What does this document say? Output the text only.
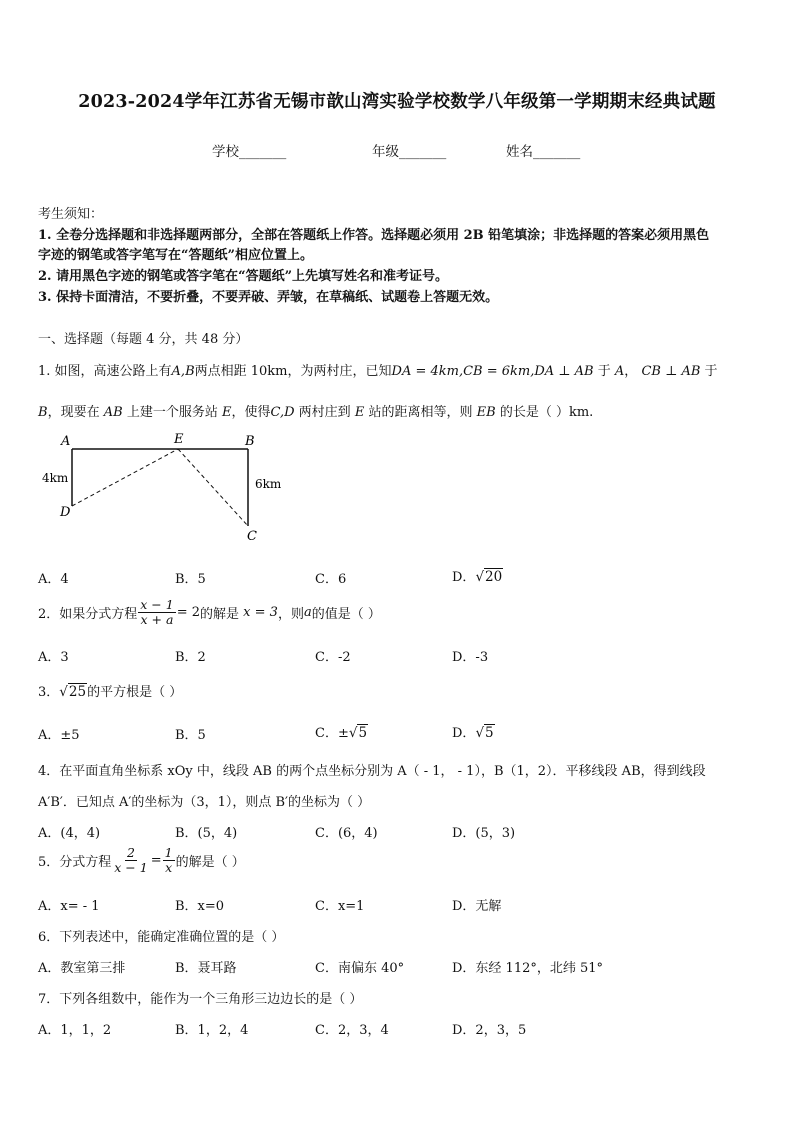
2023-2024学年江苏省无锡市歆山湾实验学校数学八年级第一学期期末经典试题
学校_______	年级_______	姓名_______
考生须知：
1. 全卷分选择题和非选择题两部分，全部在答题纸上作答。选择题必须用 2B 铅笔填涂；非选择题的答案必须用黑色
字迹的钢笔或答字笔写在“答题纸”相应位置上。
2. 请用黑色字迹的钢笔或答字笔在“答题纸”上先填写姓名和准考证号。
3. 保持卡面清洁，不要折叠，不要弄破、弄皱，在草稿纸、试题卷上答题无效。
一、选择题（每题 4 分，共 48 分）
1. 如图，高速公路上有A,B两点相距 10km，为两村庄，已知DA = 4km,CB = 6km,DA ⊥ AB 于 A， CB ⊥ AB 于
B，现要在 AB 上建一个服务站 E，使得C,D 两村庄到 E 站的距离相等，则 EB 的长是（ ）km.
A	E	B
D
C
4km	6km
A．4	B．5	C．6	D．√20
2．如果分式方程 $\frac{x - 1}{x + a} = 2$ 的解是
x = 3 ，则 a 的值是（ ）
A．3	B．2	C．-2	D．-3
3．√25的平方根是（ ）
A．±5	B．5	C．±√5	D．√5
4．在平面直角坐标系 xOy 中，线段 AB 的两个点坐标分别为 A（ - 1， - 1），B（1，2）．平移线段 AB，得到线段
A′B′．已知点 A′的坐标为（3，1），则点 B′的坐标为（ ）
A．(4，4)	B．(5，4)	C．(6，4)	D．(5，3)
5．分式方程 $\frac{2}{x - 1} = \frac{1}{x}$ 的解是（ ）
A．x= - 1	B．x=0	C．x=1	D．无解
6．下列表述中，能确定准确位置的是（ ）
A．教室第三排	B．聂耳路	C．南偏东 40°	D．东经 112°，北纬 51°
7．下列各组数中，能作为一个三角形三边边长的是（ ）
A．1，1，2	B．1，2，4	C．2，3，4	D．2，3，5
